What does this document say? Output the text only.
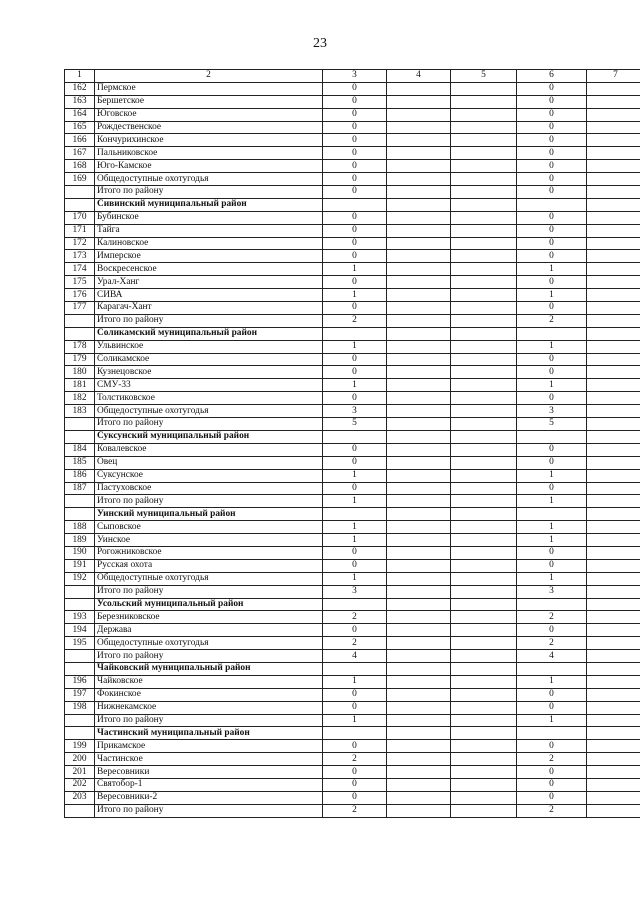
23
1	2	3	4	5	6	7
162	Пермское	0			0	
163	Бершетское	0			0	
164	Юговское	0			0	
165	Рождественское	0			0	
166	Кончурихинское	0			0	
167	Пальниковское	0			0	
168	Юго-Камское	0			0	
169	Общедоступные охотугодья	0			0	
	Итого по району	0			0	
	Сивинский муниципальный район					
170	Бубинское	0			0	
171	Тайга	0			0	
172	Калиновское	0			0	
173	Имперское	0			0	
174	Воскресенское	1			1	
175	Урал-Ханг	0			0	
176	СИВА	1			1	
177	Карагач-Хант	0			0	
	Итого по району	2			2	
	Соликамский муниципальный район					
178	Ульвинское	1			1	
179	Соликамское	0			0	
180	Кузнецовское	0			0	
181	СМУ-33	1			1	
182	Толстиковское	0			0	
183	Общедоступные охотугодья	3			3	
	Итого по району	5			5	
	Суксунский муниципальный район					
184	Ковалевское	0			0	
185	Овец	0			0	
186	Суксунское	1			1	
187	Пастуховское	0			0	
	Итого по району	1			1	
	Уинский муниципальный район					
188	Сыповское	1			1	
189	Уинское	1			1	
190	Рогожниковское	0			0	
191	Русская охота	0			0	
192	Общедоступные охотугодья	1			1	
	Итого по району	3			3	
	Усольский муниципальный район					
193	Березниковское	2			2	
194	Держава	0			0	
195	Общедоступные охотугодья	2			2	
	Итого по району	4			4	
	Чайковский муниципальный район					
196	Чайковское	1			1	
197	Фокинское	0			0	
198	Нижнекамское	0			0	
	Итого по району	1			1	
	Частинский муниципальный район					
199	Прикамское	0			0	
200	Частинское	2			2	
201	Вересовники	0			0	
202	Святобор-1	0			0	
203	Вересовники-2	0			0	
	Итого по району	2			2	
